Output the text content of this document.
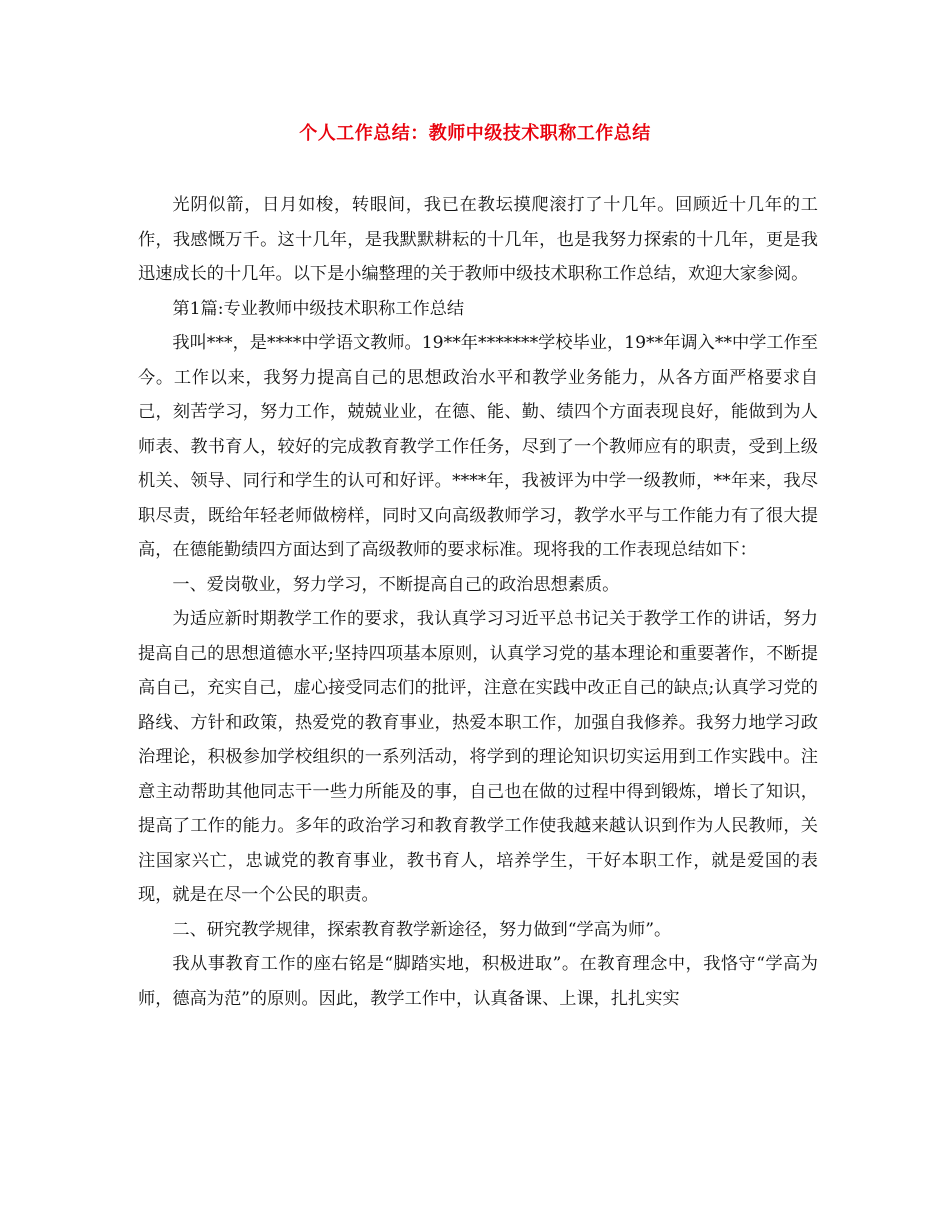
个人工作总结：教师中级技术职称工作总结

光阴似箭，日月如梭，转眼间，我已在教坛摸爬滚打了十几年。回顾近十几年的工作，我感慨万千。这十几年，是我默默耕耘的十几年，也是我努力探索的十几年，更是我迅速成长的十几年。以下是小编整理的关于教师中级技术职称工作总结，欢迎大家参阅。

第1篇:专业教师中级技术职称工作总结

我叫***，是****中学语文教师。19**年*******学校毕业，19**年调入**中学工作至今。工作以来，我努力提高自己的思想政治水平和教学业务能力，从各方面严格要求自己，刻苦学习，努力工作，兢兢业业，在德、能、勤、绩四个方面表现良好，能做到为人师表、教书育人，较好的完成教育教学工作任务，尽到了一个教师应有的职责，受到上级机关、领导、同行和学生的认可和好评。****年，我被评为中学一级教师，**年来，我尽职尽责，既给年轻老师做榜样，同时又向高级教师学习，教学水平与工作能力有了很大提高，在德能勤绩四方面达到了高级教师的要求标准。现将我的工作表现总结如下：

一、爱岗敬业，努力学习，不断提高自己的政治思想素质。

为适应新时期教学工作的要求，我认真学习习近平总书记关于教学工作的讲话，努力提高自己的思想道德水平;坚持四项基本原则，认真学习党的基本理论和重要著作，不断提高自己，充实自己，虚心接受同志们的批评，注意在实践中改正自己的缺点;认真学习党的路线、方针和政策，热爱党的教育事业，热爱本职工作，加强自我修养。我努力地学习政治理论，积极参加学校组织的一系列活动，将学到的理论知识切实运用到工作实践中。注意主动帮助其他同志干一些力所能及的事，自己也在做的过程中得到锻炼，增长了知识，提高了工作的能力。多年的政治学习和教育教学工作使我越来越认识到作为人民教师，关注国家兴亡，忠诚党的教育事业，教书育人，培养学生，干好本职工作，就是爱国的表现，就是在尽一个公民的职责。

二、研究教学规律，探索教育教学新途径，努力做到“学高为师”。

我从事教育工作的座右铭是“脚踏实地，积极进取”。在教育理念中，我恪守“学高为师，德高为范”的原则。因此，教学工作中，认真备课、上课，扎扎实实
